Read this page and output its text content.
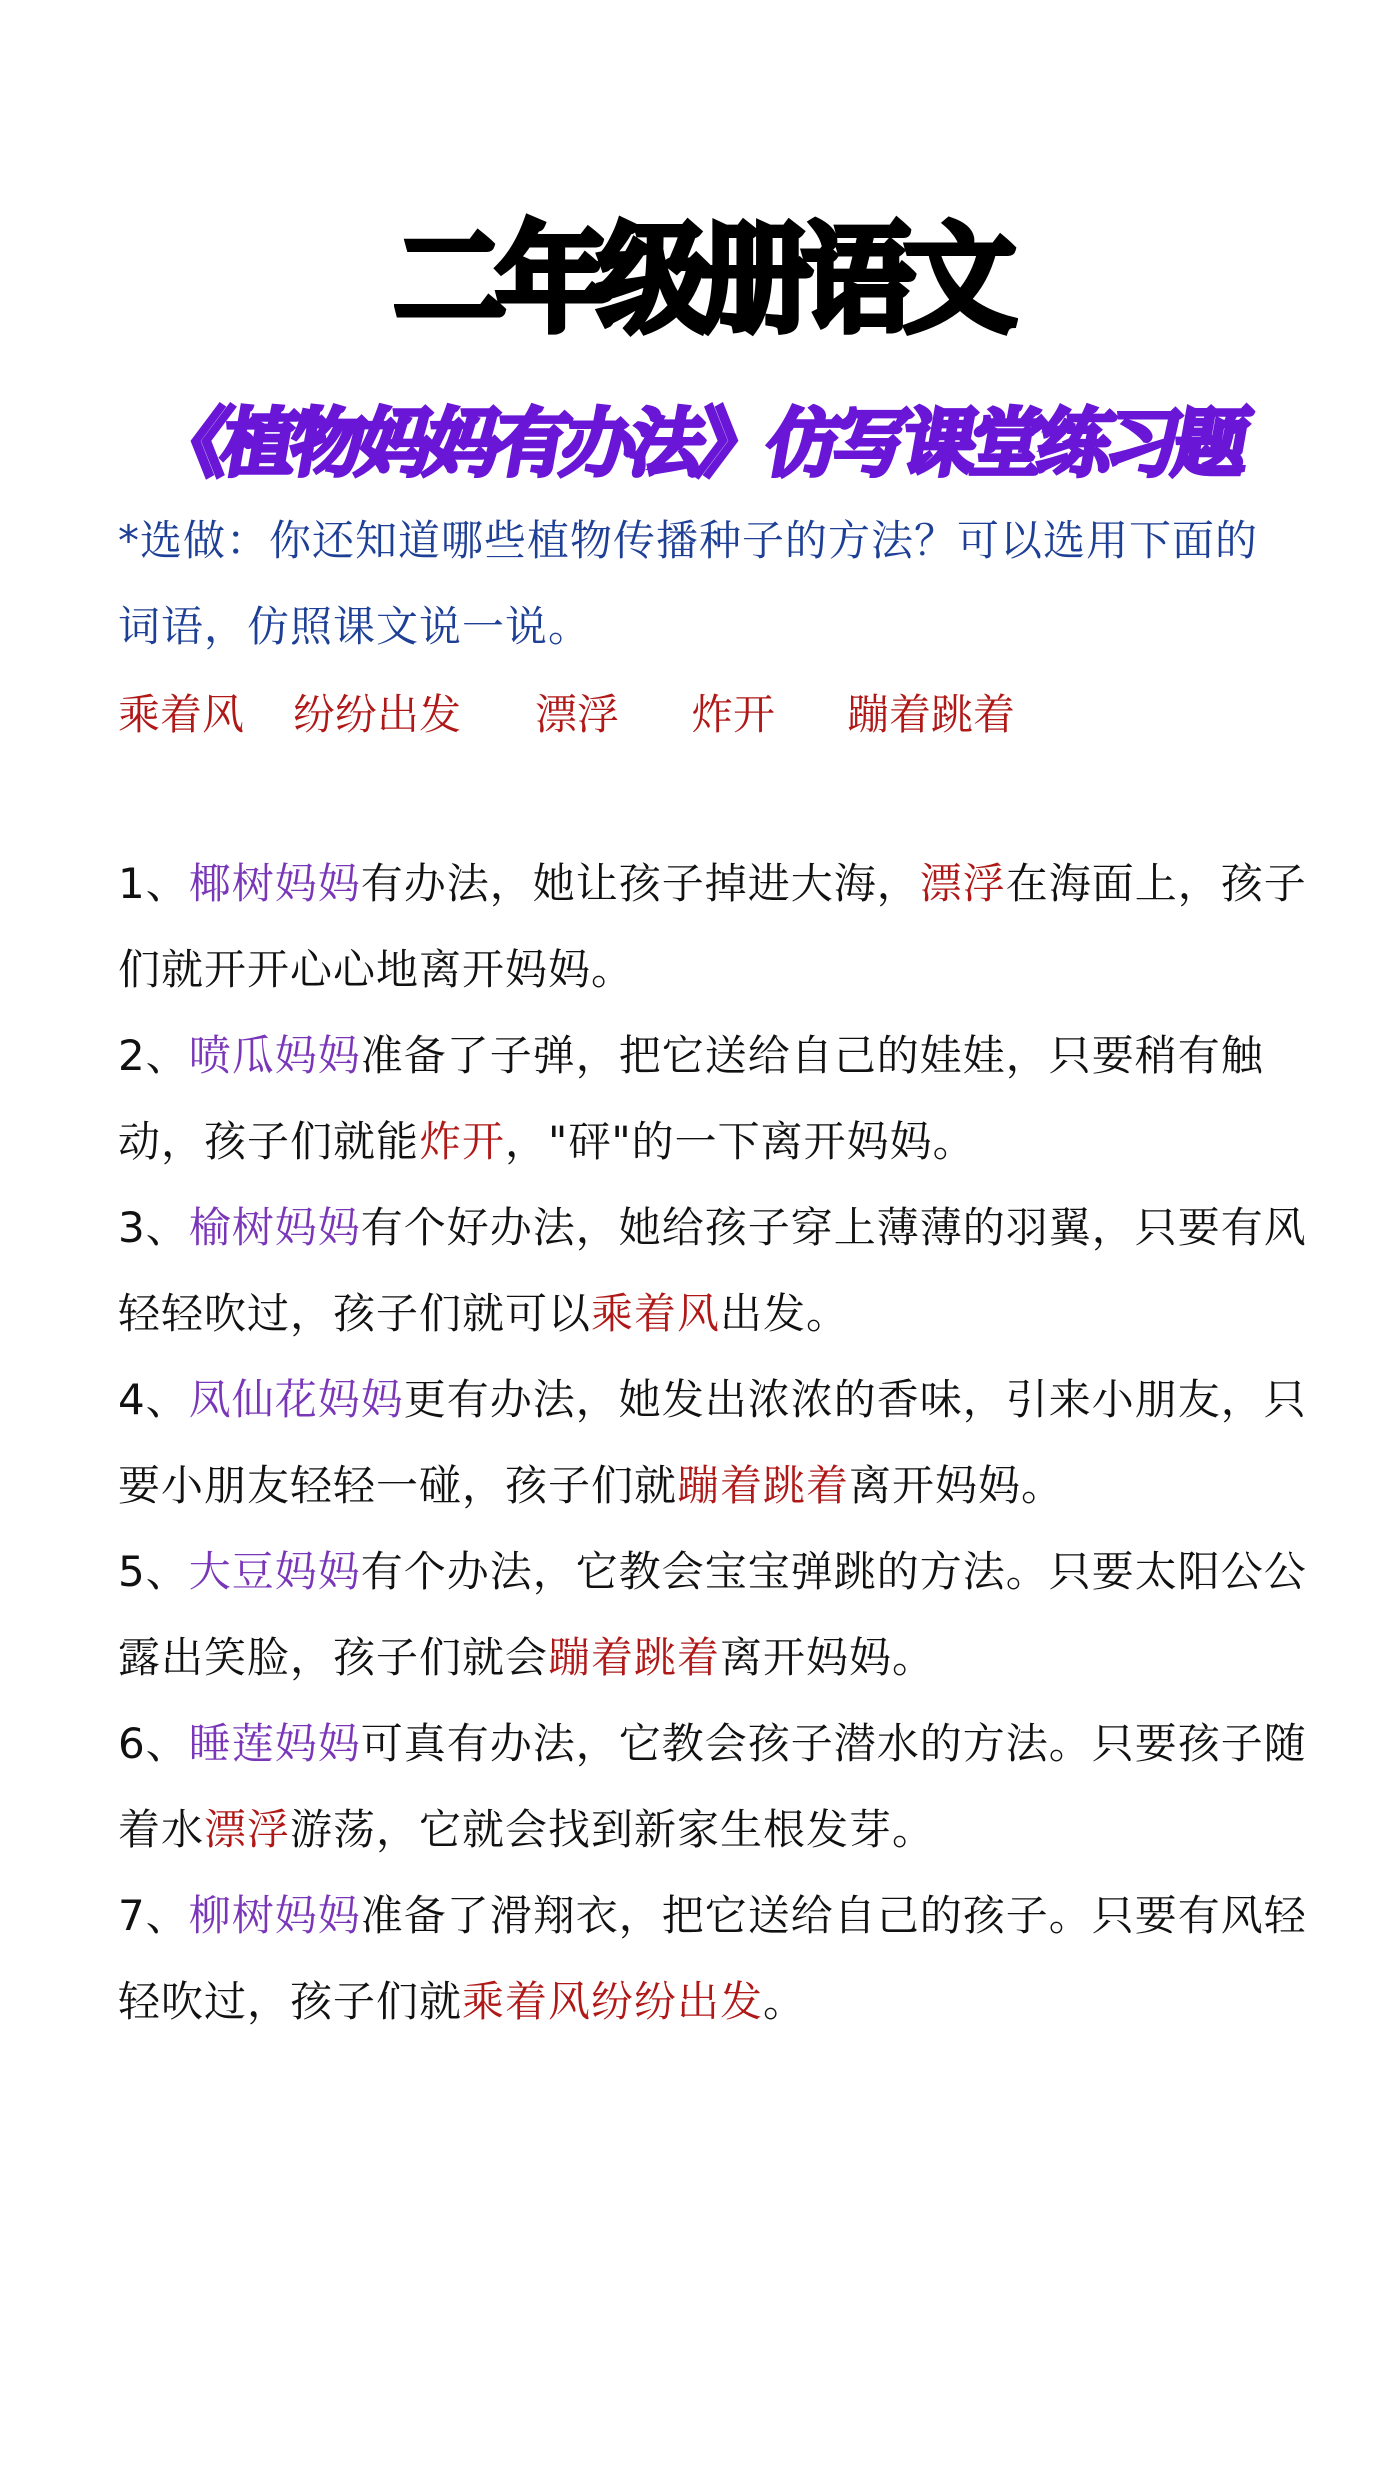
二年级册语文
《植物妈妈有办法》仿写课堂练习题
*选做：你还知道哪些植物传播种子的方法？可以选用下面的词语，仿照课文说一说。
乘着风 纷纷出发 漂浮 炸开 蹦着跳着

1、椰树妈妈有办法，她让孩子掉进大海，漂浮在海面上，孩子们就开开心心地离开妈妈。

2、喷瓜妈妈准备了子弹，把它送给自己的娃娃，只要稍有触动，孩子们就能炸开，"砰"的一下离开妈妈。

3、榆树妈妈有个好办法，她给孩子穿上薄薄的羽翼，只要有风轻轻吹过，孩子们就可以乘着风出发。

4、凤仙花妈妈更有办法，她发出浓浓的香味，引来小朋友，只要小朋友轻轻一碰，孩子们就蹦着跳着离开妈妈。

5、大豆妈妈有个办法，它教会宝宝弹跳的方法。只要太阳公公露出笑脸，孩子们就会蹦着跳着离开妈妈。

6、睡莲妈妈可真有办法，它教会孩子潜水的方法。只要孩子随着水漂浮游荡，它就会找到新家生根发芽。

7、柳树妈妈准备了滑翔衣，把它送给自己的孩子。只要有风轻轻吹过，孩子们就乘着风纷纷出发。
